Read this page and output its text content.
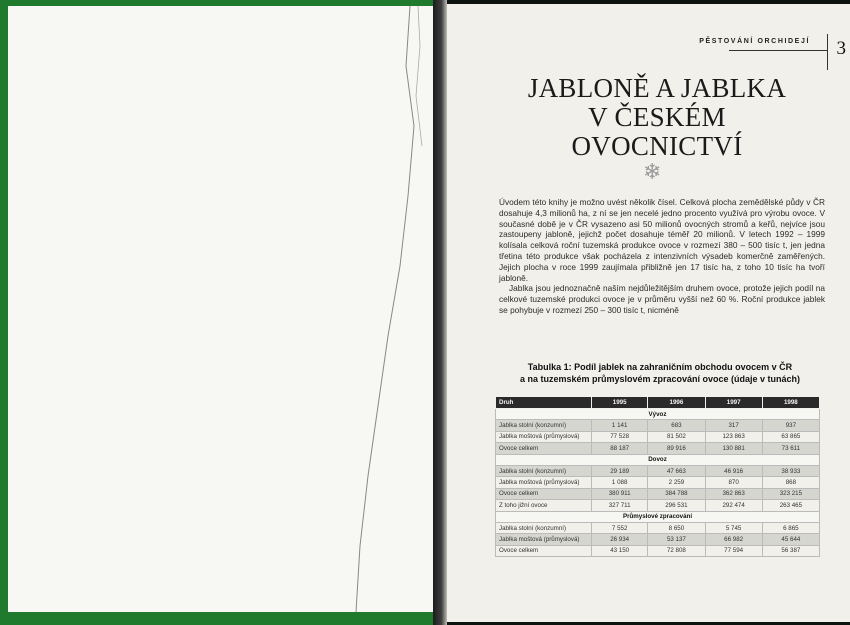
PĚSTOVÁNÍ ORCHIDEJÍ 3
JABLONĚ A JABLKA
V ČESKÉM
OVOCNICTVÍ
❄

Úvodem této knihy je možno uvést několik čísel. Celková plocha zemědělské půdy v ČR dosahuje 4,3 milionů ha, z ní se jen necelé jedno procento využívá pro výrobu ovoce. V současné době je v ČR vysazeno asi 50 milionů ovocných stromů a keřů, nejvíce jsou zastoupeny jabloně, jejichž počet dosahuje téměř 20 milionů. V letech 1992 – 1999 kolísala celková roční tuzemská produkce ovoce v rozmezí 380 – 500 tisíc t, jen jedna třetina této produkce však pocházela z intenzivních výsadeb komerčně zaměřených. Jejich plocha v roce 1999 zaujímala přibližně jen 17 tisíc ha, z toho 10 tisíc ha tvoří jabloně.

Jablka jsou jednoznačně naším nejdůležitějším druhem ovoce, protože jejich podíl na celkové tuzemské produkci ovoce je v průměru vyšší než 60 %. Roční produkce jablek se pohybuje v rozmezí 250 – 300 tisíc t, nicméně

Tabulka 1: Podíl jablek na zahraničním obchodu ovocem v ČR
a na tuzemském průmyslovém zpracování ovoce (údaje v tunách)
Druh	1995	1996	1997	1998
Vývoz				
Jablka stolní (konzumní)	1 141	683	317	937
Jablka moštová (průmyslová)	77 528	81 502	123 863	63 865
Ovoce celkem	88 187	89 916	130 881	73 611
Dovoz				
Jablka stolní (konzumní)	29 189	47 663	46 916	38 933
Jablka moštová (průmyslová)	1 088	2 259	870	868
Ovoce celkem	380 911	384 788	362 863	323 215
Z toho jižní ovoce	327 711	296 531	292 474	263 465
Průmyslové zpracování				
Jablka stolní (konzumní)	7 552	8 650	5 745	6 865
Jablka moštová (průmyslová)	26 934	53 137	66 982	45 644
Ovoce celkem	43 150	72 808	77 594	56 387
